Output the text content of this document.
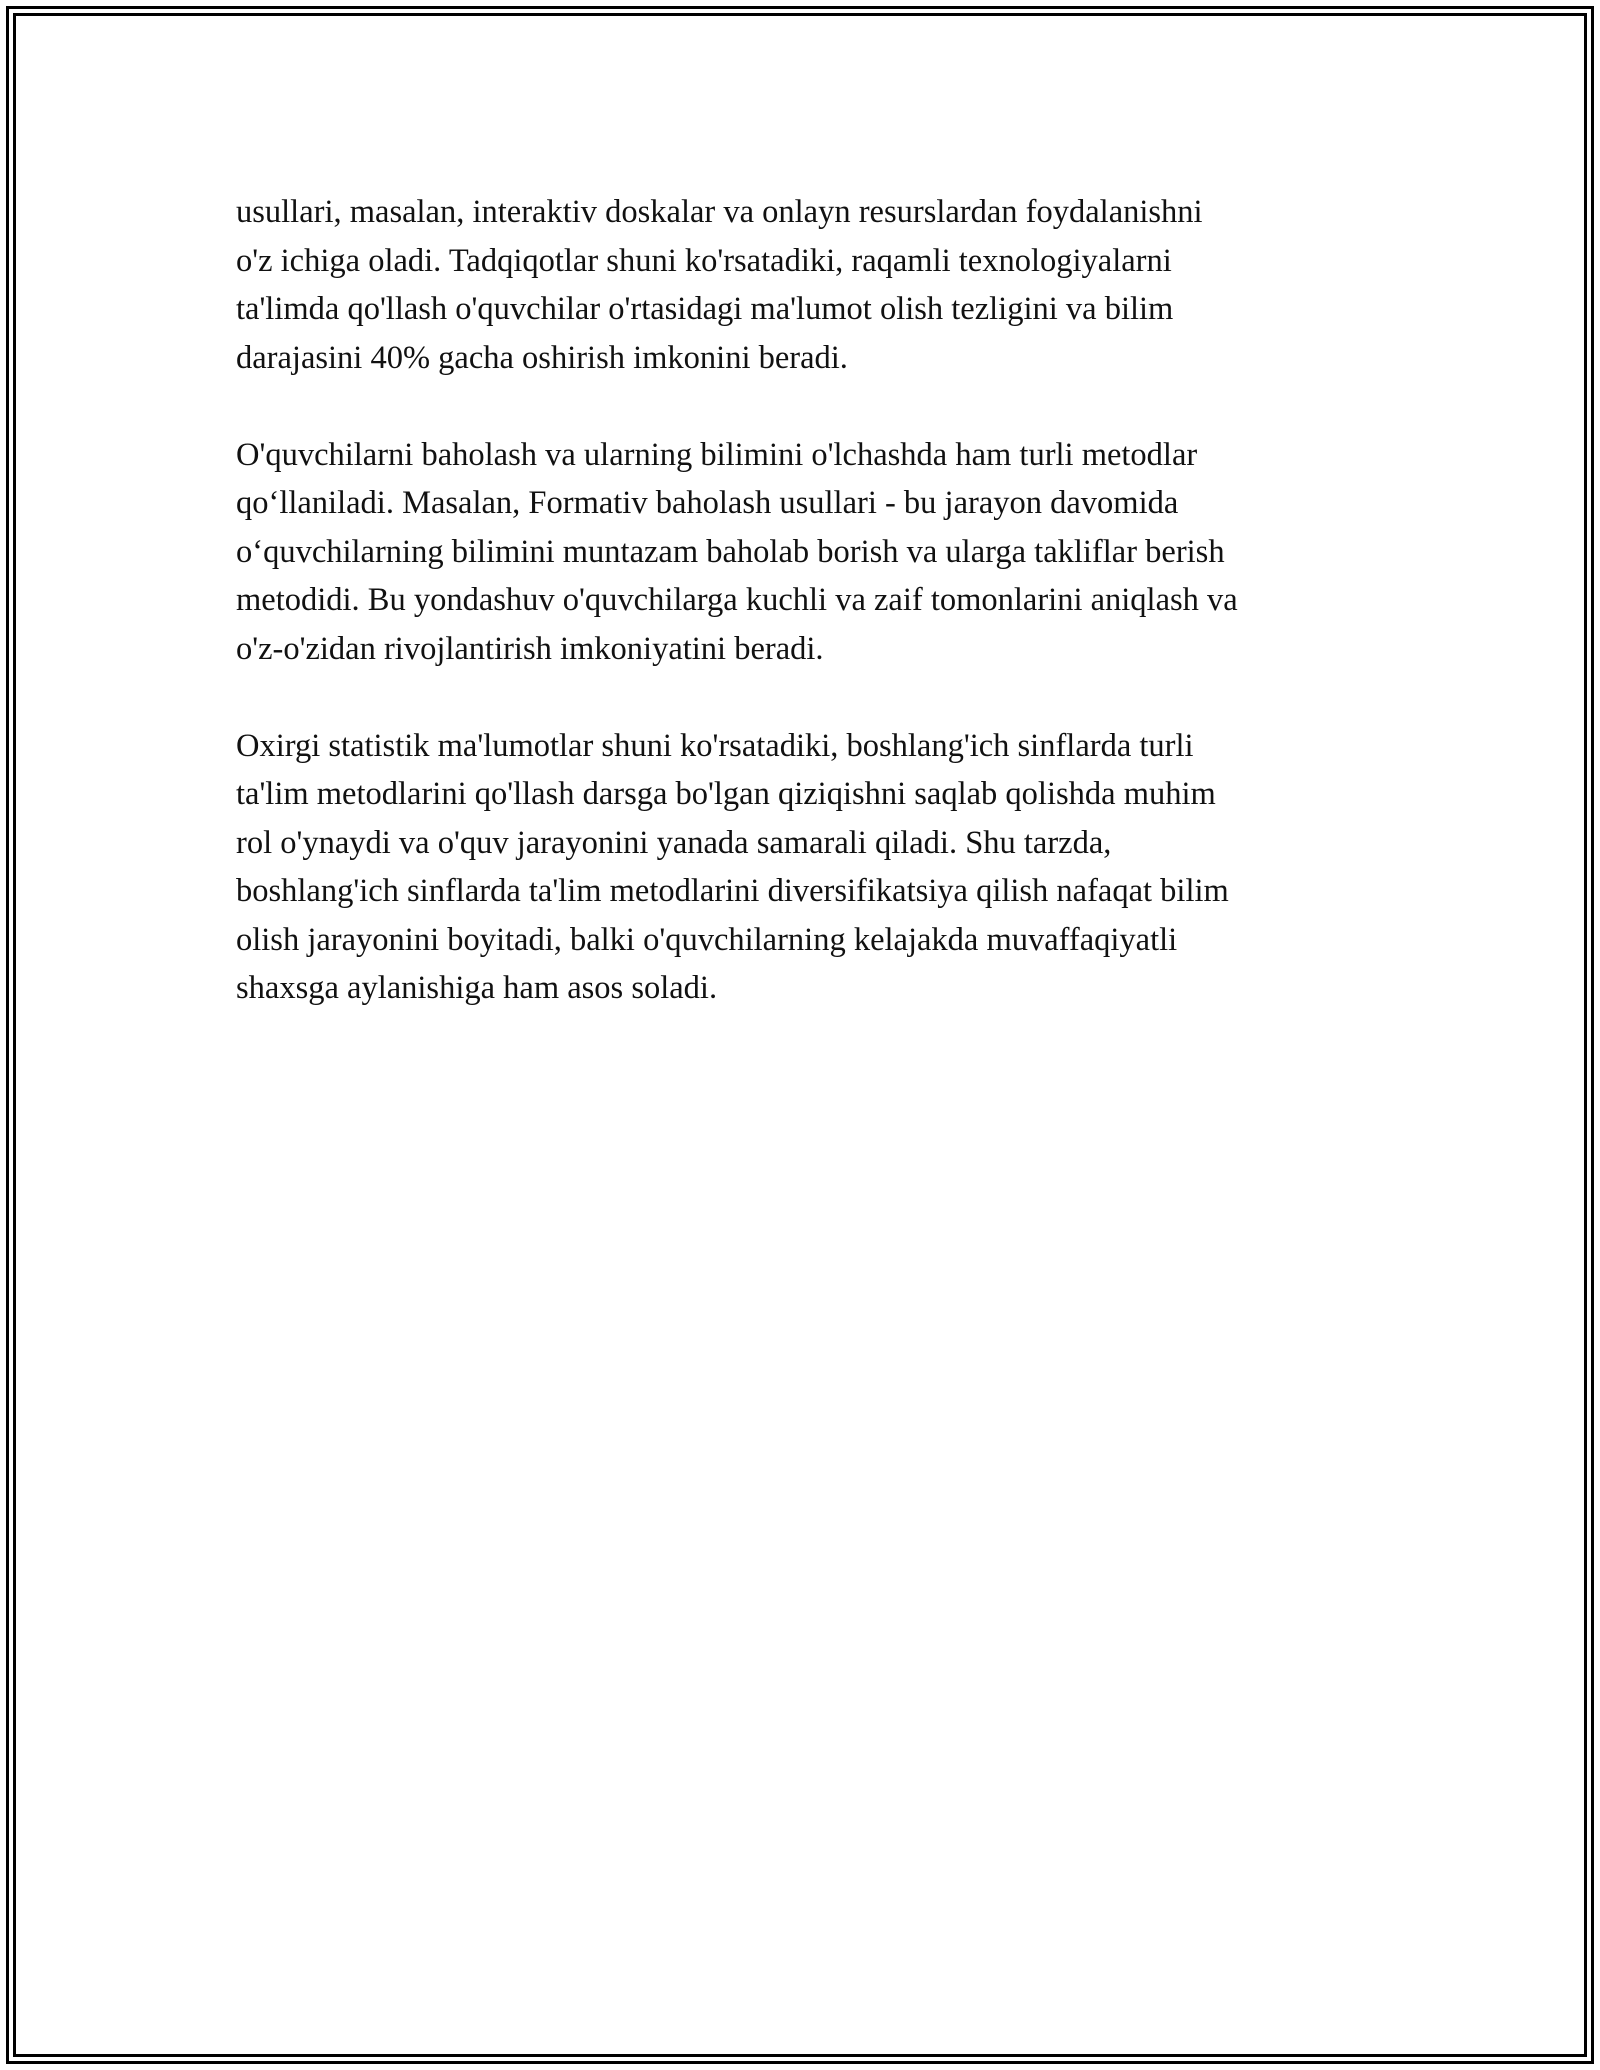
usullari, masalan, interaktiv doskalar va onlayn resurslardan foydalanishni
o'z ichiga oladi. Tadqiqotlar shuni ko'rsatadiki, raqamli texnologiyalarni
ta'limda qo'llash o'quvchilar o'rtasidagi ma'lumot olish tezligini va bilim
darajasini 40% gacha oshirish imkonini beradi.

O'quvchilarni baholash va ularning bilimini o'lchashda ham turli metodlar
qo‘llaniladi. Masalan, Formativ baholash usullari - bu jarayon davomida
o‘quvchilarning bilimini muntazam baholab borish va ularga takliflar berish
metodidi. Bu yondashuv o'quvchilarga kuchli va zaif tomonlarini aniqlash va
o'z-o'zidan rivojlantirish imkoniyatini beradi.

Oxirgi statistik ma'lumotlar shuni ko'rsatadiki, boshlang'ich sinflarda turli
ta'lim metodlarini qo'llash darsga bo'lgan qiziqishni saqlab qolishda muhim
rol o'ynaydi va o'quv jarayonini yanada samarali qiladi. Shu tarzda,
boshlang'ich sinflarda ta'lim metodlarini diversifikatsiya qilish nafaqat bilim
olish jarayonini boyitadi, balki o'quvchilarning kelajakda muvaffaqiyatli
shaxsga aylanishiga ham asos soladi.
